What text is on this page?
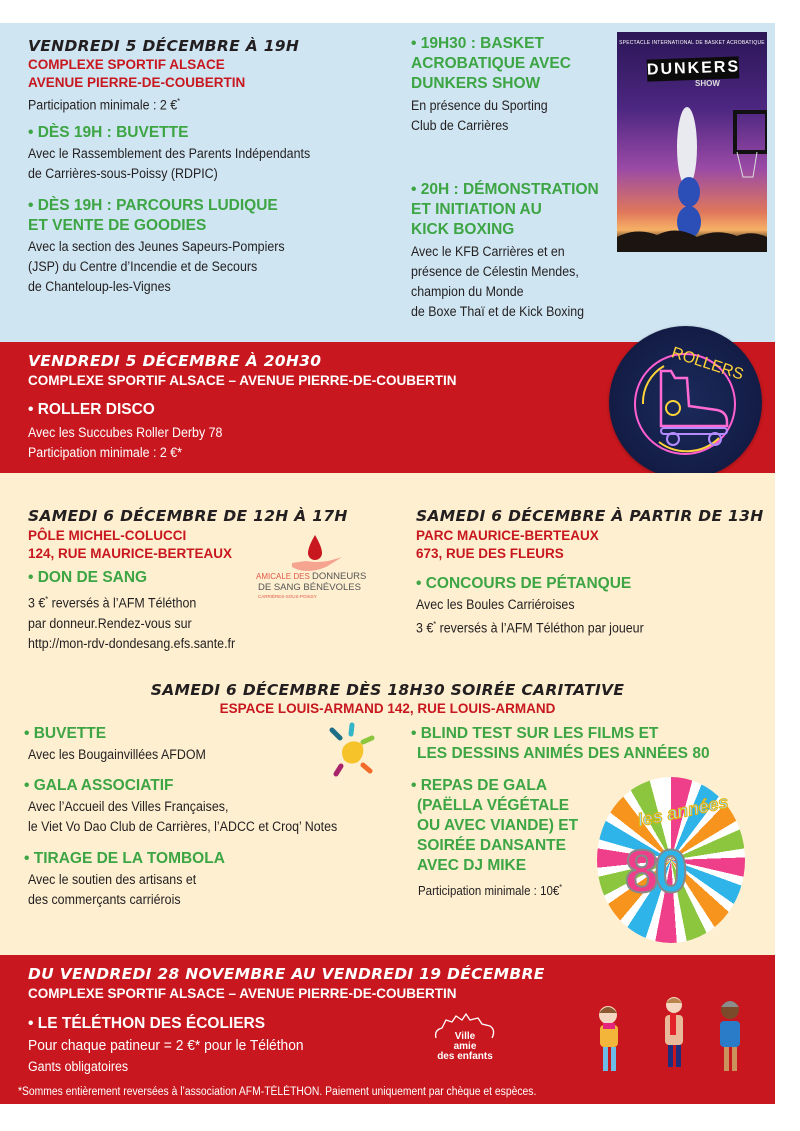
VENDREDI 5 DÉCEMBRE À 19H
COMPLEXE SPORTIF ALSACE
AVENUE PIERRE-DE-COUBERTIN
Participation minimale : 2 €*
• DÈS 19H : BUVETTE
Avec le Rassemblement des Parents Indépendants
de Carrières-sous-Poissy (RDPIC)
• DÈS 19H : PARCOURS LUDIQUE
ET VENTE DE GOODIES
Avec la section des Jeunes Sapeurs-Pompiers
(JSP) du Centre d’Incendie et de Secours
de Chanteloup-les-Vignes
• 19H30 : BASKET
ACROBATIQUE AVEC
DUNKERS SHOW
En présence du Sporting
Club de Carrières
• 20H : DÉMONSTRATION
ET INITIATION AU
KICK BOXING
Avec le KFB Carrières et en
présence de Célestin Mendes,
champion du Monde
de Boxe Thaï et de Kick Boxing
SPECTACLE INTERNATIONAL DE BASKET ACROBATIQUE
DUNKERS
SHOW
VENDREDI 5 DÉCEMBRE À 20H30
COMPLEXE SPORTIF ALSACE – AVENUE PIERRE-DE-COUBERTIN
• ROLLER DISCO
Avec les Succubes Roller Derby 78
Participation minimale : 2 €*
ROLLERS
SAMEDI 6 DÉCEMBRE DE 12H À 17H
PÔLE MICHEL-COLUCCI
124, RUE MAURICE-BERTEAUX
• DON DE SANG
3 €* reversés à l’AFM Téléthon
par donneur.Rendez-vous sur
http://mon-rdv-dondesang.efs.sante.fr
AMICALE DES DONNEURS
DE SANG BÉNÉVOLES
CARRIÈRES-SOUS-POISSY
SAMEDI 6 DÉCEMBRE À PARTIR DE 13H
PARC MAURICE-BERTEAUX
673, RUE DES FLEURS
• CONCOURS DE PÉTANQUE
Avec les Boules Carriéroises
3 €* reversés à l’AFM Téléthon par joueur
SAMEDI 6 DÉCEMBRE DÈS 18H30 SOIRÉE CARITATIVE
ESPACE LOUIS-ARMAND 142, RUE LOUIS-ARMAND
• BUVETTE
Avec les Bougainvillées AFDOM
• GALA ASSOCIATIF
Avec l’Accueil des Villes Françaises,
le Viet Vo Dao Club de Carrières, l’ADCC et Croq’ Notes
• TIRAGE DE LA TOMBOLA
Avec le soutien des artisans et
des commerçants carriérois
• BLIND TEST SUR LES FILMS ET
LES DESSINS ANIMÉS DES ANNÉES 80
• REPAS DE GALA
(PAËLLA VÉGÉTALE
OU AVEC VIANDE) ET
SOIRÉE DANSANTE
AVEC DJ MIKE
Participation minimale : 10€*
les années
80
DU VENDREDI 28 NOVEMBRE AU VENDREDI 19 DÉCEMBRE
COMPLEXE SPORTIF ALSACE – AVENUE PIERRE-DE-COUBERTIN
• LE TÉLÉTHON DES ÉCOLIERS
Pour chaque patineur = 2 €* pour le Téléthon
Gants obligatoires
*Sommes entièrement reversées à l’association AFM-TÉLÉTHON. Paiement uniquement par chèque et espèces.
Ville
amie
des enfants
